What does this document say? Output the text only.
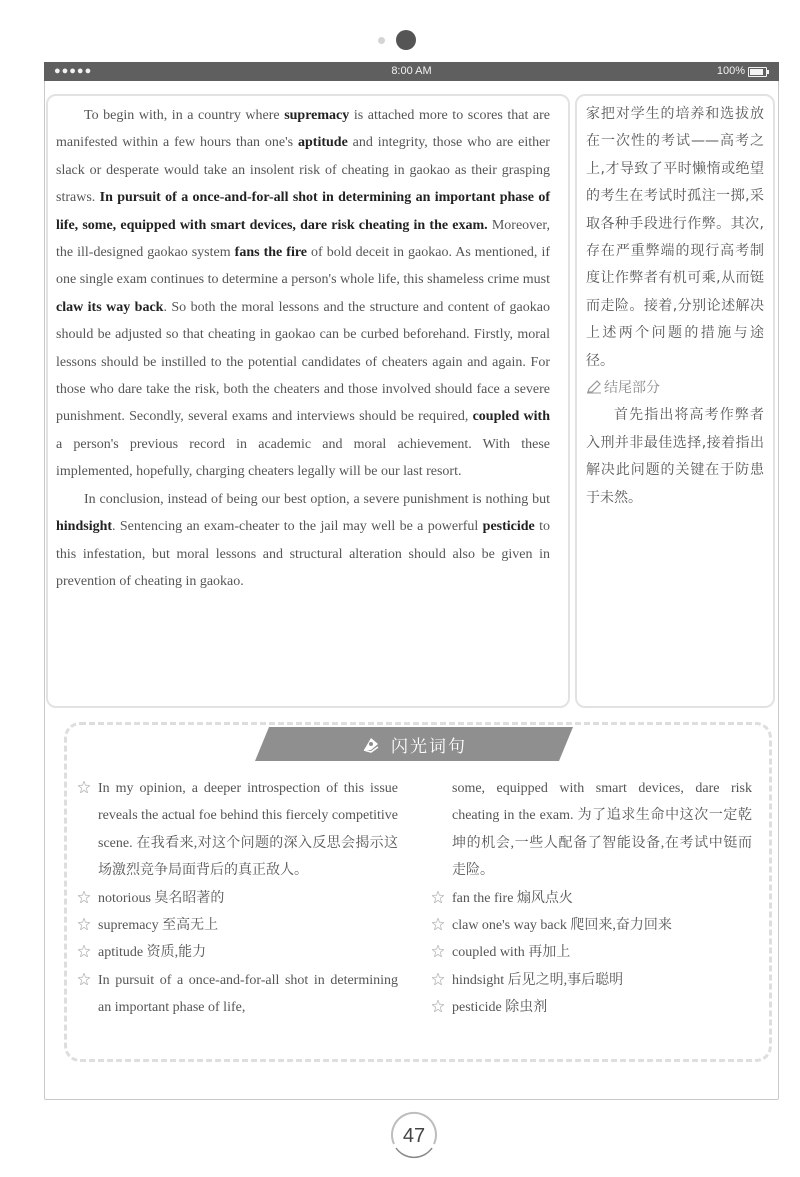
●●●●●	8:00 AM	100%

To begin with, in a country where supremacy is attached more to scores that are manifested within a few hours than one's aptitude and integrity, those who are either slack or desperate would take an insolent risk of cheating in gaokao as their grasping straws. In pursuit of a once-and-for-all shot in determining an important phase of life, some, equipped with smart devices, dare risk cheating in the exam. Moreover, the ill-designed gaokao system fans the fire of bold deceit in gaokao. As mentioned, if one single exam continues to determine a person's whole life, this shameless crime must claw its way back. So both the moral lessons and the structure and content of gaokao should be adjusted so that cheating in gaokao can be curbed beforehand. Firstly, moral lessons should be instilled to the potential candidates of cheaters again and again. For those who dare take the risk, both the cheaters and those involved should face a severe punishment. Secondly, several exams and interviews should be required, coupled with a person's previous record in academic and moral achievement. With these implemented, hopefully, charging cheaters legally will be our last resort.

In conclusion, instead of being our best option, a severe punishment is nothing but hindsight. Sentencing an exam-cheater to the jail may well be a powerful pesticide to this infestation, but moral lessons and structural alteration should also be given in prevention of cheating in gaokao.

家把对学生的培养和选拔放在一次性的考试——高考之上,才导致了平时懒惰或绝望的考生在考试时孤注一掷,采取各种手段进行作弊。其次,存在严重弊端的现行高考制度让作弊者有机可乘,从而铤而走险。接着,分别论述解决上述两个问题的措施与途径。

结尾部分

首先指出将高考作弊者入刑并非最佳选择,接着指出解决此问题的关键在于防患于未然。

闪光词句
In my opinion, a deeper introspection of this issue reveals the actual foe behind this fiercely competitive scene. 在我看来,对这个问题的深入反思会揭示这场激烈竞争局面背后的真正敌人。
notorious 臭名昭著的
supremacy 至高无上
aptitude 资质,能力
In pursuit of a once-and-for-all shot in determining an important phase of life,
some, equipped with smart devices, dare risk cheating in the exam. 为了追求生命中这次一定乾坤的机会,一些人配备了智能设备,在考试中铤而走险。
fan the fire 煽风点火
claw one's way back 爬回来,奋力回来
coupled with 再加上
hindsight 后见之明,事后聪明
pesticide 除虫剂
47
